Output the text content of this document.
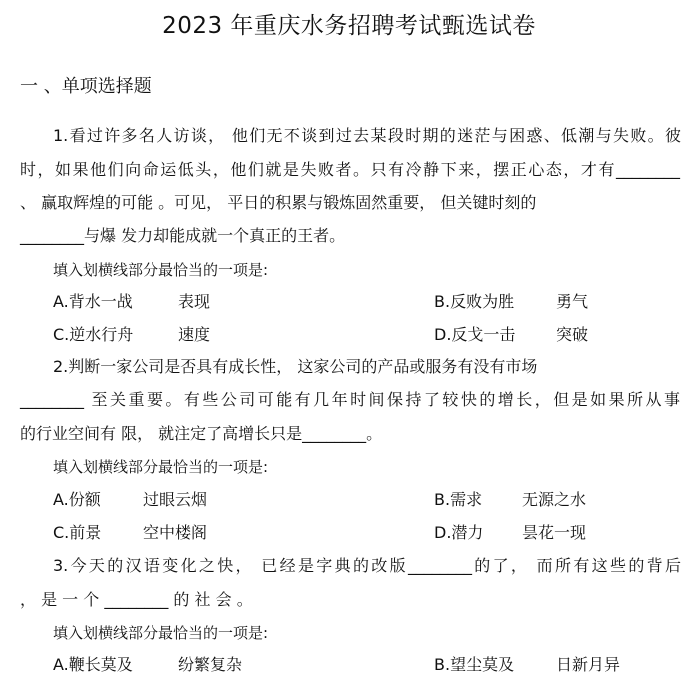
2023 年重庆水务招聘考试甄选试卷
一 、单项选择题
1.看过许多名人访谈， 他们无不谈到过去某段时期的迷茫与困惑、低潮与失败。彼
时，如果他们向命运低头，他们就是失败者。只有冷静下来，摆正心态，才有________
、 赢取辉煌的可能 。可见， 平日的积累与锻炼固然重要， 但关键时刻的
________与爆 发力却能成就一个真正的王者。
填入划横线部分最恰当的一项是:
A.背水一战	表现	B.反败为胜	勇气
C.逆水行舟	速度	D.反戈一击	突破
2.判断一家公司是否具有成长性， 这家公司的产品或服务有没有市场
________ 至关重要。有些公司可能有几年时间保持了较快的增长，但是如果所从事
的行业空间有 限， 就注定了高增长只是________。
填入划横线部分最恰当的一项是:
A.份额	过眼云烟	B.需求 无源之水
C.前景	空中楼阁	D.潜力 昙花一现
3.今天的汉语变化之快， 已经是字典的改版________的了， 而所有这些的背后
， 是 一 个 ________ 的 社 会 。
填入划横线部分最恰当的一项是:
A.鞭长莫及	纷繁复杂	B.望尘莫及	日新月异
